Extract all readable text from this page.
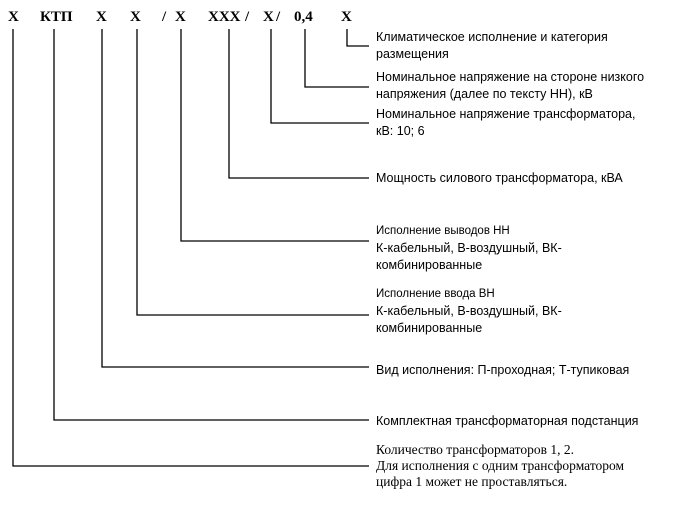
Х КТП Х Х / Х ХХХ / Х / 0,4 Х
Климатическое исполнение и категория
размещения
Номинальное напряжение на стороне низкого
напряжения (далее по тексту НН), кВ
Номинальное напряжение трансформатора,
кВ: 10; 6
Мощность силового трансформатора, кВА
Исполнение выводов НН
К-кабельный, В-воздушный, ВК-
комбинированные
Исполнение ввода ВН
К-кабельный, В-воздушный, ВК-
комбинированные
Вид исполнения: П-проходная; Т-тупиковая
Комплектная трансформаторная подстанция
Количество трансформаторов 1, 2.
Для исполнения с одним трансформатором
цифра 1 может не проставляться.
